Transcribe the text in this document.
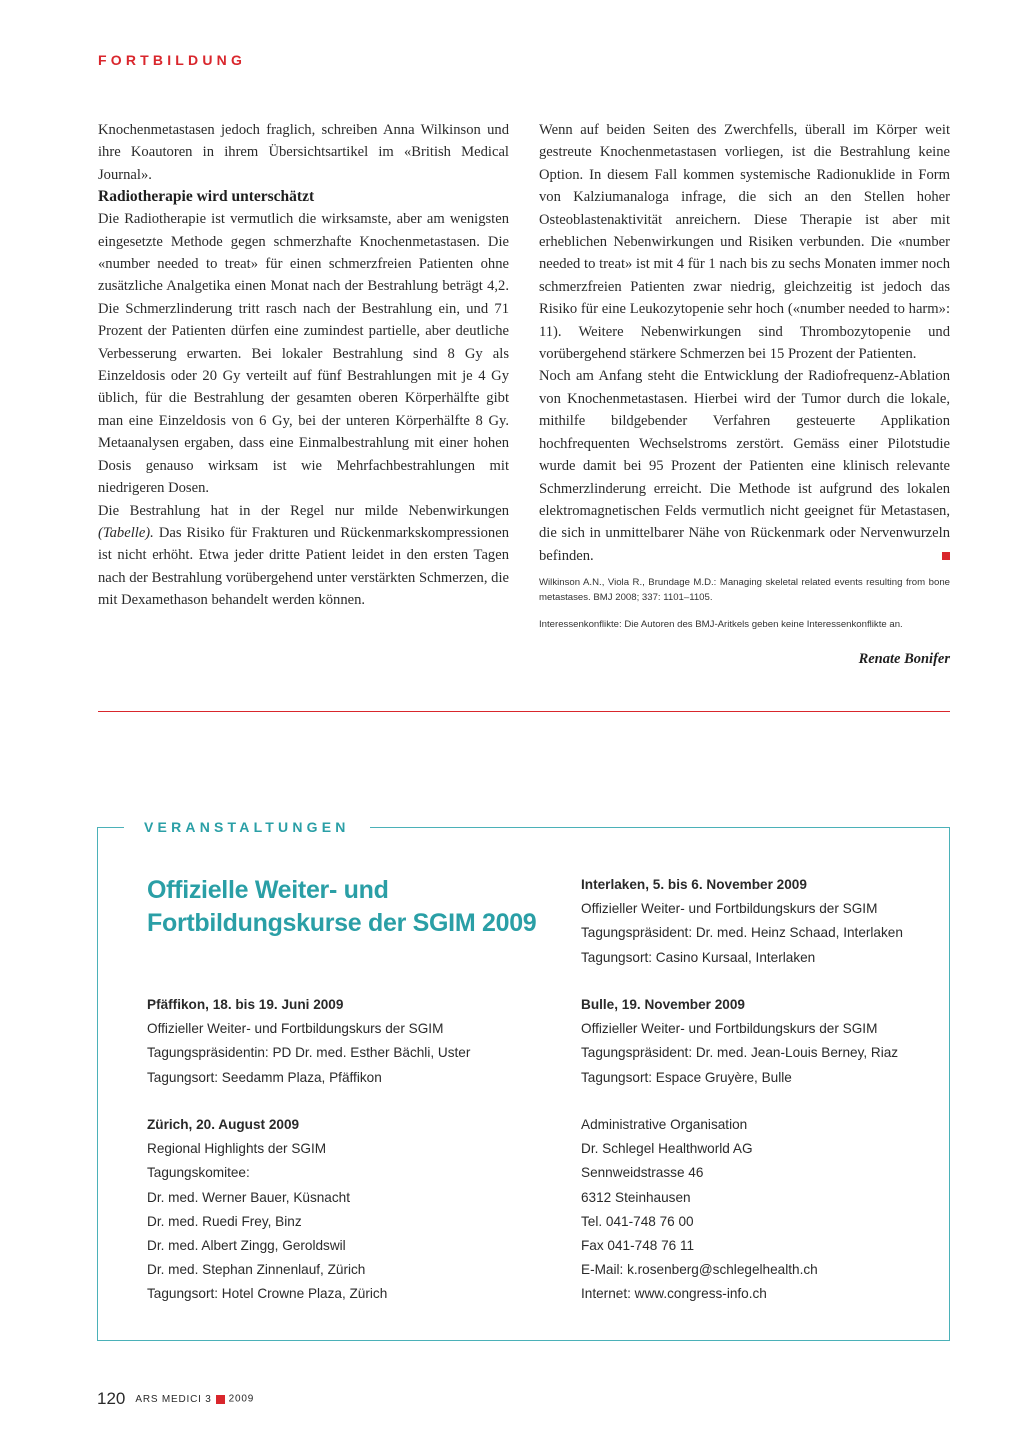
FORTBILDUNG

Knochenmetastasen jedoch fraglich, schreiben Anna Wilkinson und ihre Koautoren in ihrem Übersichtsartikel im «British Medical Journal».

Radiotherapie wird unterschätzt

Die Radiotherapie ist vermutlich die wirksamste, aber am wenigsten eingesetzte Methode gegen schmerzhafte Knochenmetastasen. Die «number needed to treat» für einen schmerzfreien Patienten ohne zusätzliche Analgetika einen Monat nach der Bestrahlung beträgt 4,2. Die Schmerzlinderung tritt rasch nach der Bestrahlung ein, und 71 Prozent der Patienten dürfen eine zumindest partielle, aber deutliche Verbesserung erwarten. Bei lokaler Bestrahlung sind 8 Gy als Einzeldosis oder 20 Gy verteilt auf fünf Bestrahlungen mit je 4 Gy üblich, für die Bestrahlung der gesamten oberen Körperhälfte gibt man eine Einzeldosis von 6 Gy, bei der unteren Körperhälfte 8 Gy. Metaanalysen ergaben, dass eine Einmalbestrahlung mit einer hohen Dosis genauso wirksam ist wie Mehrfachbestrahlungen mit niedrigeren Dosen.

Die Bestrahlung hat in der Regel nur milde Nebenwirkungen (Tabelle). Das Risiko für Frakturen und Rückenmarkskompressionen ist nicht erhöht. Etwa jeder dritte Patient leidet in den ersten Tagen nach der Bestrahlung vorübergehend unter verstärkten Schmerzen, die mit Dexamethason behandelt werden können.

Wenn auf beiden Seiten des Zwerchfells, überall im Körper weit gestreute Knochenmetastasen vorliegen, ist die Bestrahlung keine Option. In diesem Fall kommen systemische Radionuklide in Form von Kalziumanaloga infrage, die sich an den Stellen hoher Osteoblastenaktivität anreichern. Diese Therapie ist aber mit erheblichen Nebenwirkungen und Risiken verbunden. Die «number needed to treat» ist mit 4 für 1 nach bis zu sechs Monaten immer noch schmerzfreien Patienten zwar niedrig, gleichzeitig ist jedoch das Risiko für eine Leukozytopenie sehr hoch («number needed to harm»: 11). Weitere Nebenwirkungen sind Thrombozytopenie und vorübergehend stärkere Schmerzen bei 15 Prozent der Patienten.

Noch am Anfang steht die Entwicklung der Radiofrequenz-Ablation von Knochenmetastasen. Hierbei wird der Tumor durch die lokale, mithilfe bildgebender Verfahren gesteuerte Applikation hochfrequenten Wechselstroms zerstört. Gemäss einer Pilotstudie wurde damit bei 95 Prozent der Patienten eine klinisch relevante Schmerzlinderung erreicht. Die Methode ist aufgrund des lokalen elektromagnetischen Felds vermutlich nicht geeignet für Metastasen, die sich in unmittelbarer Nähe von Rückenmark oder Nervenwurzeln befinden.

Wilkinson A.N., Viola R., Brundage M.D.: Managing skeletal related events resulting from bone metastases. BMJ 2008; 337: 1101–1105.

Interessenkonflikte: Die Autoren des BMJ-Aritkels geben keine Interessenkonflikte an.

Renate Bonifer

VERANSTALTUNGEN
Offizielle Weiter- und
Fortbildungskurse der SGIM 2009
Pfäffikon, 18. bis 19. Juni 2009
Offizieller Weiter- und Fortbildungskurs der SGIM
Tagungspräsidentin: PD Dr. med. Esther Bächli, Uster
Tagungsort: Seedamm Plaza, Pfäffikon
Zürich, 20. August 2009
Regional Highlights der SGIM
Tagungskomitee:
Dr. med. Werner Bauer, Küsnacht
Dr. med. Ruedi Frey, Binz
Dr. med. Albert Zingg, Geroldswil
Dr. med. Stephan Zinnenlauf, Zürich
Tagungsort: Hotel Crowne Plaza, Zürich
Interlaken, 5. bis 6. November 2009
Offizieller Weiter- und Fortbildungskurs der SGIM
Tagungspräsident: Dr. med. Heinz Schaad, Interlaken
Tagungsort: Casino Kursaal, Interlaken
Bulle, 19. November 2009
Offizieller Weiter- und Fortbildungskurs der SGIM
Tagungspräsident: Dr. med. Jean-Louis Berney, Riaz
Tagungsort: Espace Gruyère, Bulle
Administrative Organisation
Dr. Schlegel Healthworld AG
Sennweidstrasse 46
6312 Steinhausen
Tel. 041-748 76 00
Fax 041-748 76 11
E-Mail: k.rosenberg@schlegelhealth.ch
Internet: www.congress-info.ch
120 ARS MEDICI 3 2009
